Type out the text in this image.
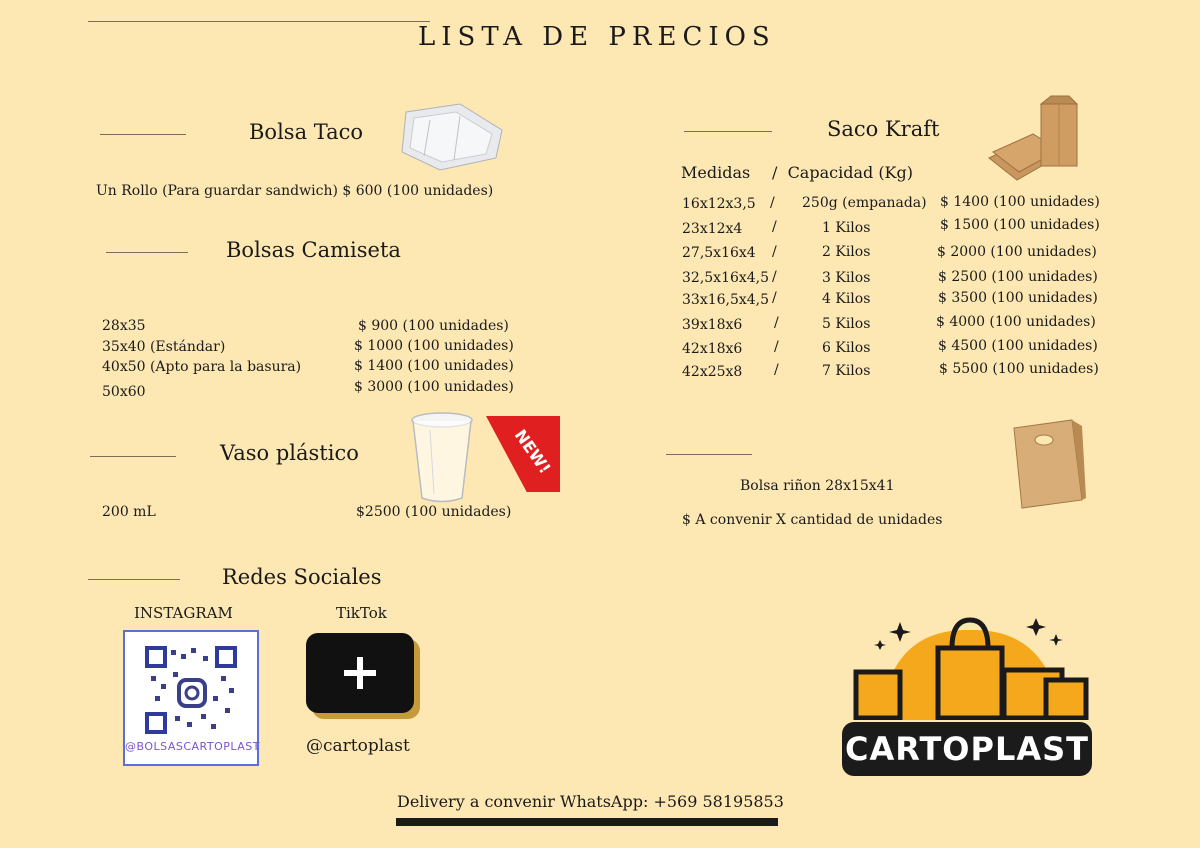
LISTA DE PRECIOS
Bolsa Taco
Un Rollo (Para guardar sandwich) $ 600 (100 unidades)
Bolsas Camiseta
28x35	$ 900 (100 unidades)
35x40 (Estándar)	$ 1000 (100 unidades)
40x50 (Apto para la basura)	$ 1400 (100 unidades)
50x60	$ 3000 (100 unidades)
Vaso plástico	NEW!
200 mL	$2500 (100 unidades)
Saco Kraft
Medidas /  Capacidad (Kg)
16x12x3,5 / 250g (empanada) $ 1400 (100 unidades)
23x12x4 /	1 Kilos	$ 1500 (100 unidades)
27,5x16x4 /	2 Kilos	$ 2000 (100 unidades)
32,5x16x4,5 /	3 Kilos	$ 2500 (100 unidades)
33x16,5x4,5 /	4 Kilos	$ 3500 (100 unidades)
39x18x6 /	5 Kilos	$ 4000 (100 unidades)
42x18x6 /	6 Kilos	$ 4500 (100 unidades)
42x25x8 /	7 Kilos	$ 5500 (100 unidades)
Bolsa riñon 28x15x41
$ A convenir X cantidad de unidades
Redes Sociales
INSTAGRAM	TikTok
@BOLSASCARTOPLAST	@cartoplast	CARTOPLAST
Delivery a convenir WhatsApp: +569 58195853
